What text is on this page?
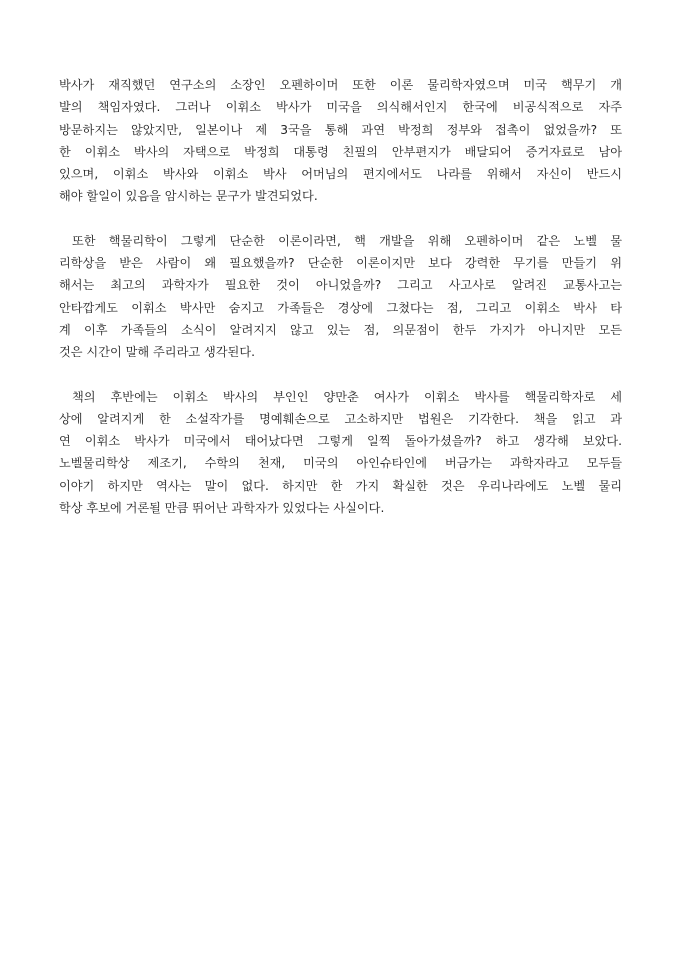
박사가 재직했던 연구소의 소장인 오펜하이머 또한 이론 물리학자였으며 미국 핵무기 개
발의 책임자였다. 그러나 이휘소 박사가 미국을 의식해서인지 한국에 비공식적으로 자주
방문하지는 않았지만, 일본이나 제 3국을 통해 과연 박정희 정부와 접촉이 없었을까? 또
한 이휘소 박사의 자택으로 박정희 대통령 친필의 안부편지가 배달되어 증거자료로 남아
있으며, 이휘소 박사와 이휘소 박사 어머님의 편지에서도 나라를 위해서 자신이 반드시
해야 할일이 있음을 암시하는 문구가 발견되었다.

또한 핵물리학이 그렇게 단순한 이론이라면, 핵 개발을 위해 오펜하이머 같은 노벨 물
리학상을 받은 사람이 왜 필요했을까? 단순한 이론이지만 보다 강력한 무기를 만들기 위
해서는 최고의 과학자가 필요한 것이 아니었을까? 그리고 사고사로 알려진 교통사고는
안타깝게도 이휘소 박사만 숨지고 가족들은 경상에 그쳤다는 점, 그리고 이휘소 박사 타
계 이후 가족들의 소식이 알려지지 않고 있는 점, 의문점이 한두 가지가 아니지만 모든
것은 시간이 말해 주리라고 생각된다.

책의 후반에는 이휘소 박사의 부인인 양만춘 여사가 이휘소 박사를 핵물리학자로 세
상에 알려지게 한 소설작가를 명예훼손으로 고소하지만 법원은 기각한다. 책을 읽고 과
연 이휘소 박사가 미국에서 태어났다면 그렇게 일찍 돌아가셨을까? 하고 생각해 보았다.
노벨물리학상 제조기, 수학의 천재, 미국의 아인슈타인에 버금가는 과학자라고 모두들
이야기 하지만 역사는 말이 없다. 하지만 한 가지 확실한 것은 우리나라에도 노벨 물리
학상 후보에 거론될 만큼 뛰어난 과학자가 있었다는 사실이다.
